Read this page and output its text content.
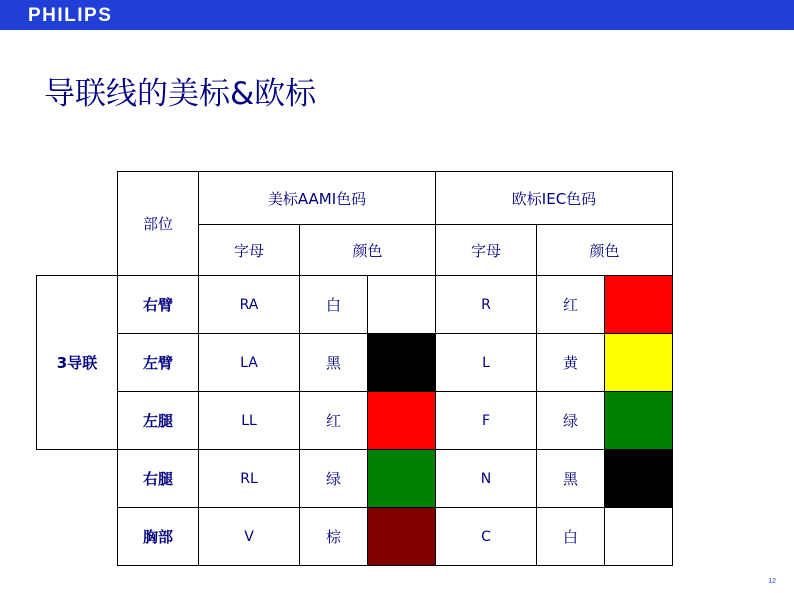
PHILIPS
导联线的美标&欧标
	部位	美标AAMI色码			欧标IEC色码		
		字母	颜色		字母	颜色	
3导联	右臂	RA	白		R	红	

	左臂	LA	黑		L	黄	

	左腿	LL	红		F	绿	

	右腿	RL	绿		N	黑	

	胸部	V	棕		C	白	
12
